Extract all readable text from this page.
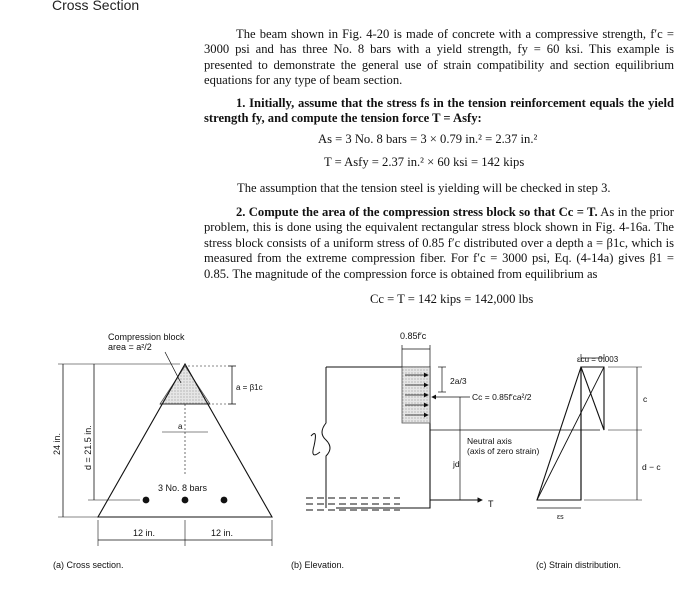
Cross Section
The beam shown in Fig. 4-20 is made of concrete with a compressive strength, f′c = 3000 psi and has three No. 8 bars with a yield strength, fy = 60 ksi. This example is presented to demonstrate the general use of strain compatibility and section equilibrium equations for any type of beam section.
1. Initially, assume that the stress fs in the tension reinforcement equals the yield strength fy, and compute the tension force T = Asfy:
As = 3 No. 8 bars = 3 × 0.79 in.² = 2.37 in.²
T = Asfy = 2.37 in.² × 60 ksi = 142 kips
The assumption that the tension steel is yielding will be checked in step 3.
2. Compute the area of the compression stress block so that Cc = T. As in the prior problem, this is done using the equivalent rectangular stress block shown in Fig. 4-16a. The stress block consists of a uniform stress of 0.85 f′c distributed over a depth a = β1c, which is measured from the extreme compression fiber. For f′c = 3000 psi, Eq. (4-14a) gives β1 = 0.85. The magnitude of the compression force is obtained from equilibrium as
Cc = T = 142 kips = 142,000 lbs
Compression block
area = a²/2
a = β1c
a
24 in. d = 21.5 in.
3 No. 8 bars
12 in.	12 in.
(a) Cross section.
0.85f′c
2a/3
Cc = 0.85f′ca²/2
Neutral axis
(axis of zero strain)
jd
T
(b) Elevation.
εcu = 0.003
c
d − c
εs
(c) Strain distribution.
